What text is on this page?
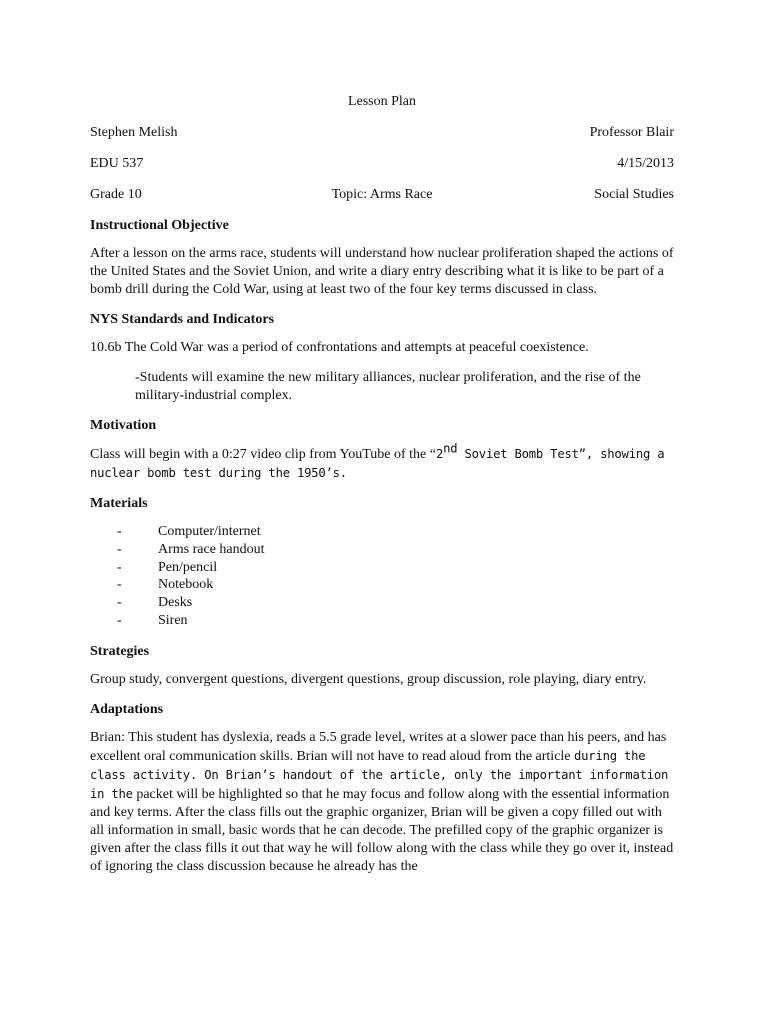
Lesson Plan
Stephen Melish	Professor Blair
EDU 537	4/15/2013
Grade 10	Topic: Arms Race	Social Studies
Instructional Objective

After a lesson on the arms race, students will understand how nuclear proliferation shaped the actions of the United States and the Soviet Union, and write a diary entry describing what it is like to be part of a bomb drill during the Cold War, using at least two of the four key terms discussed in class.

NYS Standards and Indicators

10.6b The Cold War was a period of confrontations and attempts at peaceful coexistence.

-Students will examine the new military alliances, nuclear proliferation, and the rise of the military-industrial complex.

Motivation

Class will begin with a 0:27 video clip from YouTube of the “2nd Soviet Bomb Test”, showing a nuclear bomb test during the 1950’s.

Materials
-	Computer/internet
-	Arms race handout
-	Pen/pencil
-	Notebook
-	Desks
-	Siren
Strategies

Group study, convergent questions, divergent questions, group discussion, role playing, diary entry.

Adaptations

Brian: This student has dyslexia, reads a 5.5 grade level, writes at a slower pace than his peers, and has excellent oral communication skills. Brian will not have to read aloud from the article during the class activity. On Brian’s handout of the article, only the important information in the packet will be highlighted so that he may focus and follow along with the essential information and key terms. After the class fills out the graphic organizer, Brian will be given a copy filled out with all information in small, basic words that he can decode. The prefilled copy of the graphic organizer is given after the class fills it out that way he will follow along with the class while they go over it, instead of ignoring the class discussion because he already has the
